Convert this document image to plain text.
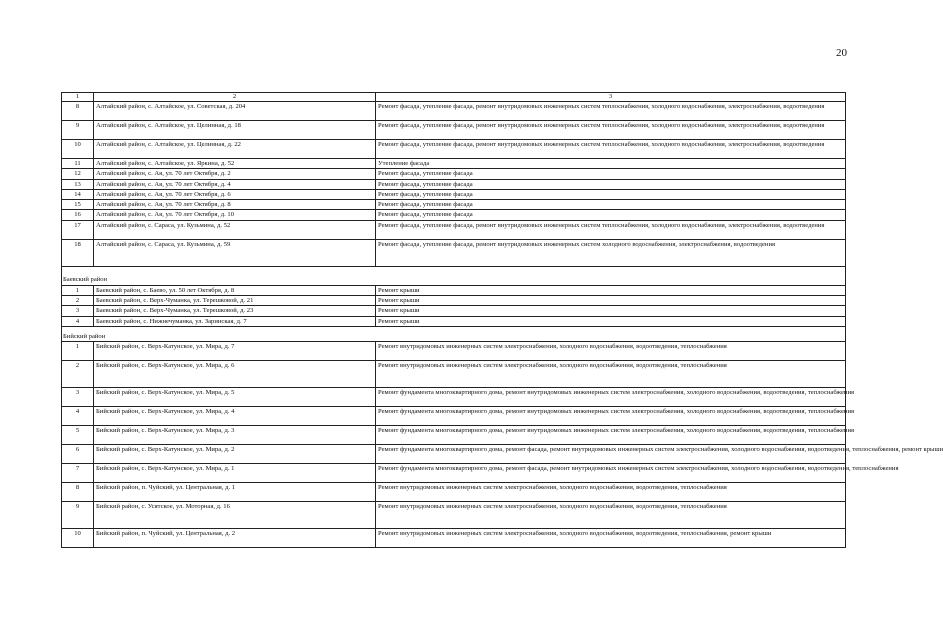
20
1	2	3
8	Алтайский район, с. Алтайское, ул. Советская, д. 204	Ремонт фасада, утепление фасада, ремонт внутридомовых инженерных систем теплоснабжения, холодного водоснабжения, электроснабжения, водоотведения
9	Алтайский район, с. Алтайское, ул. Целинная, д. 18	Ремонт фасада, утепление фасада, ремонт внутридомовых инженерных систем теплоснабжения, холодного водоснабжения, электроснабжения, водоотведения
10	Алтайский район, с. Алтайское, ул. Целинная, д. 22	Ремонт фасада, утепление фасада, ремонт внутридомовых инженерных систем теплоснабжения, холодного водоснабжения, электроснабжения, водоотведения
11	Алтайский район, с. Алтайское, ул. Яркина, д. 52	Утепление фасада
12	Алтайский район, с. Ая, ул. 70 лет Октября, д. 2	Ремонт фасада, утепление фасада
13	Алтайский район, с. Ая, ул. 70 лет Октября, д. 4	Ремонт фасада, утепление фасада
14	Алтайский район, с. Ая, ул. 70 лет Октября, д. 6	Ремонт фасада, утепление фасада
15	Алтайский район, с. Ая, ул. 70 лет Октября, д. 8	Ремонт фасада, утепление фасада
16	Алтайский район, с. Ая, ул. 70 лет Октября, д. 10	Ремонт фасада, утепление фасада
17	Алтайский район, с. Сараса, ул. Кузьмина, д. 52	Ремонт фасада, утепление фасада, ремонт внутридомовых инженерных систем теплоснабжения, холодного водоснабжения, электроснабжения, водоотведения
18	Алтайский район, с. Сараса, ул. Кузьмина, д. 59	Ремонт фасада, утепление фасада, ремонт внутридомовых инженерных систем холодного водоснабжения, электроснабжения, водоотведения
Баевский район		
1	Баевский район, с. Баево, ул. 50 лет Октября, д. 8	Ремонт крыши
2	Баевский район, с. Верх-Чуманка, ул. Терешковой, д. 21	Ремонт крыши
3	Баевский район, с. Верх-Чуманка, ул. Терешковой, д. 23	Ремонт крыши
4	Баевский район, с. Нижнечуманка, ул. Заринская, д. 7	Ремонт крыши
Бийский район		
1	Бийский район, с. Верх-Катунское, ул. Мира, д. 7	Ремонт внутридомовых инженерных систем электроснабжения, холодного водоснабжения, водоотведения, теплоснабжения
2	Бийский район, с. Верх-Катунское, ул. Мира, д. 6	Ремонт внутридомовых инженерных систем электроснабжения, холодного водоснабжения, водоотведения, теплоснабжения
3	Бийский район, с. Верх-Катунское, ул. Мира, д. 5	Ремонт фундамента многоквартирного дома, ремонт внутридомовых инженерных систем электроснабжения, холодного водоснабжения, водоотведения, теплоснабжения
4	Бийский район, с. Верх-Катунское, ул. Мира, д. 4	Ремонт фундамента многоквартирного дома, ремонт внутридомовых инженерных систем электроснабжения, холодного водоснабжения, водоотведения, теплоснабжения
5	Бийский район, с. Верх-Катунское, ул. Мира, д. 3	Ремонт фундамента многоквартирного дома, ремонт внутридомовых инженерных систем электроснабжения, холодного водоснабжения, водоотведения, теплоснабжения
6	Бийский район, с. Верх-Катунское, ул. Мира, д. 2	Ремонт фундамента многоквартирного дома, ремонт фасада, ремонт внутридомовых инженерных систем электроснабжения, холодного водоснабжения, водоотведения, теплоснабжения, ремонт крыши
7	Бийский район, с. Верх-Катунское, ул. Мира, д. 1	Ремонт фундамента многоквартирного дома, ремонт фасада, ремонт внутридомовых инженерных систем электроснабжения, холодного водоснабжения, водоотведения, теплоснабжения
8	Бийский район, п. Чуйский, ул. Центральная, д. 1	Ремонт внутридомовых инженерных систем электроснабжения, холодного водоснабжения, водоотведения, теплоснабжения
9	Бийский район, с. Усятское, ул. Моторная, д. 16	Ремонт внутридомовых инженерных систем электроснабжения, холодного водоснабжения, водоотведения, теплоснабжения
10	Бийский район, п. Чуйский, ул. Центральная, д. 2	Ремонт внутридомовых инженерных систем электроснабжения, холодного водоснабжения, водоотведения, теплоснабжения, ремонт крыши
